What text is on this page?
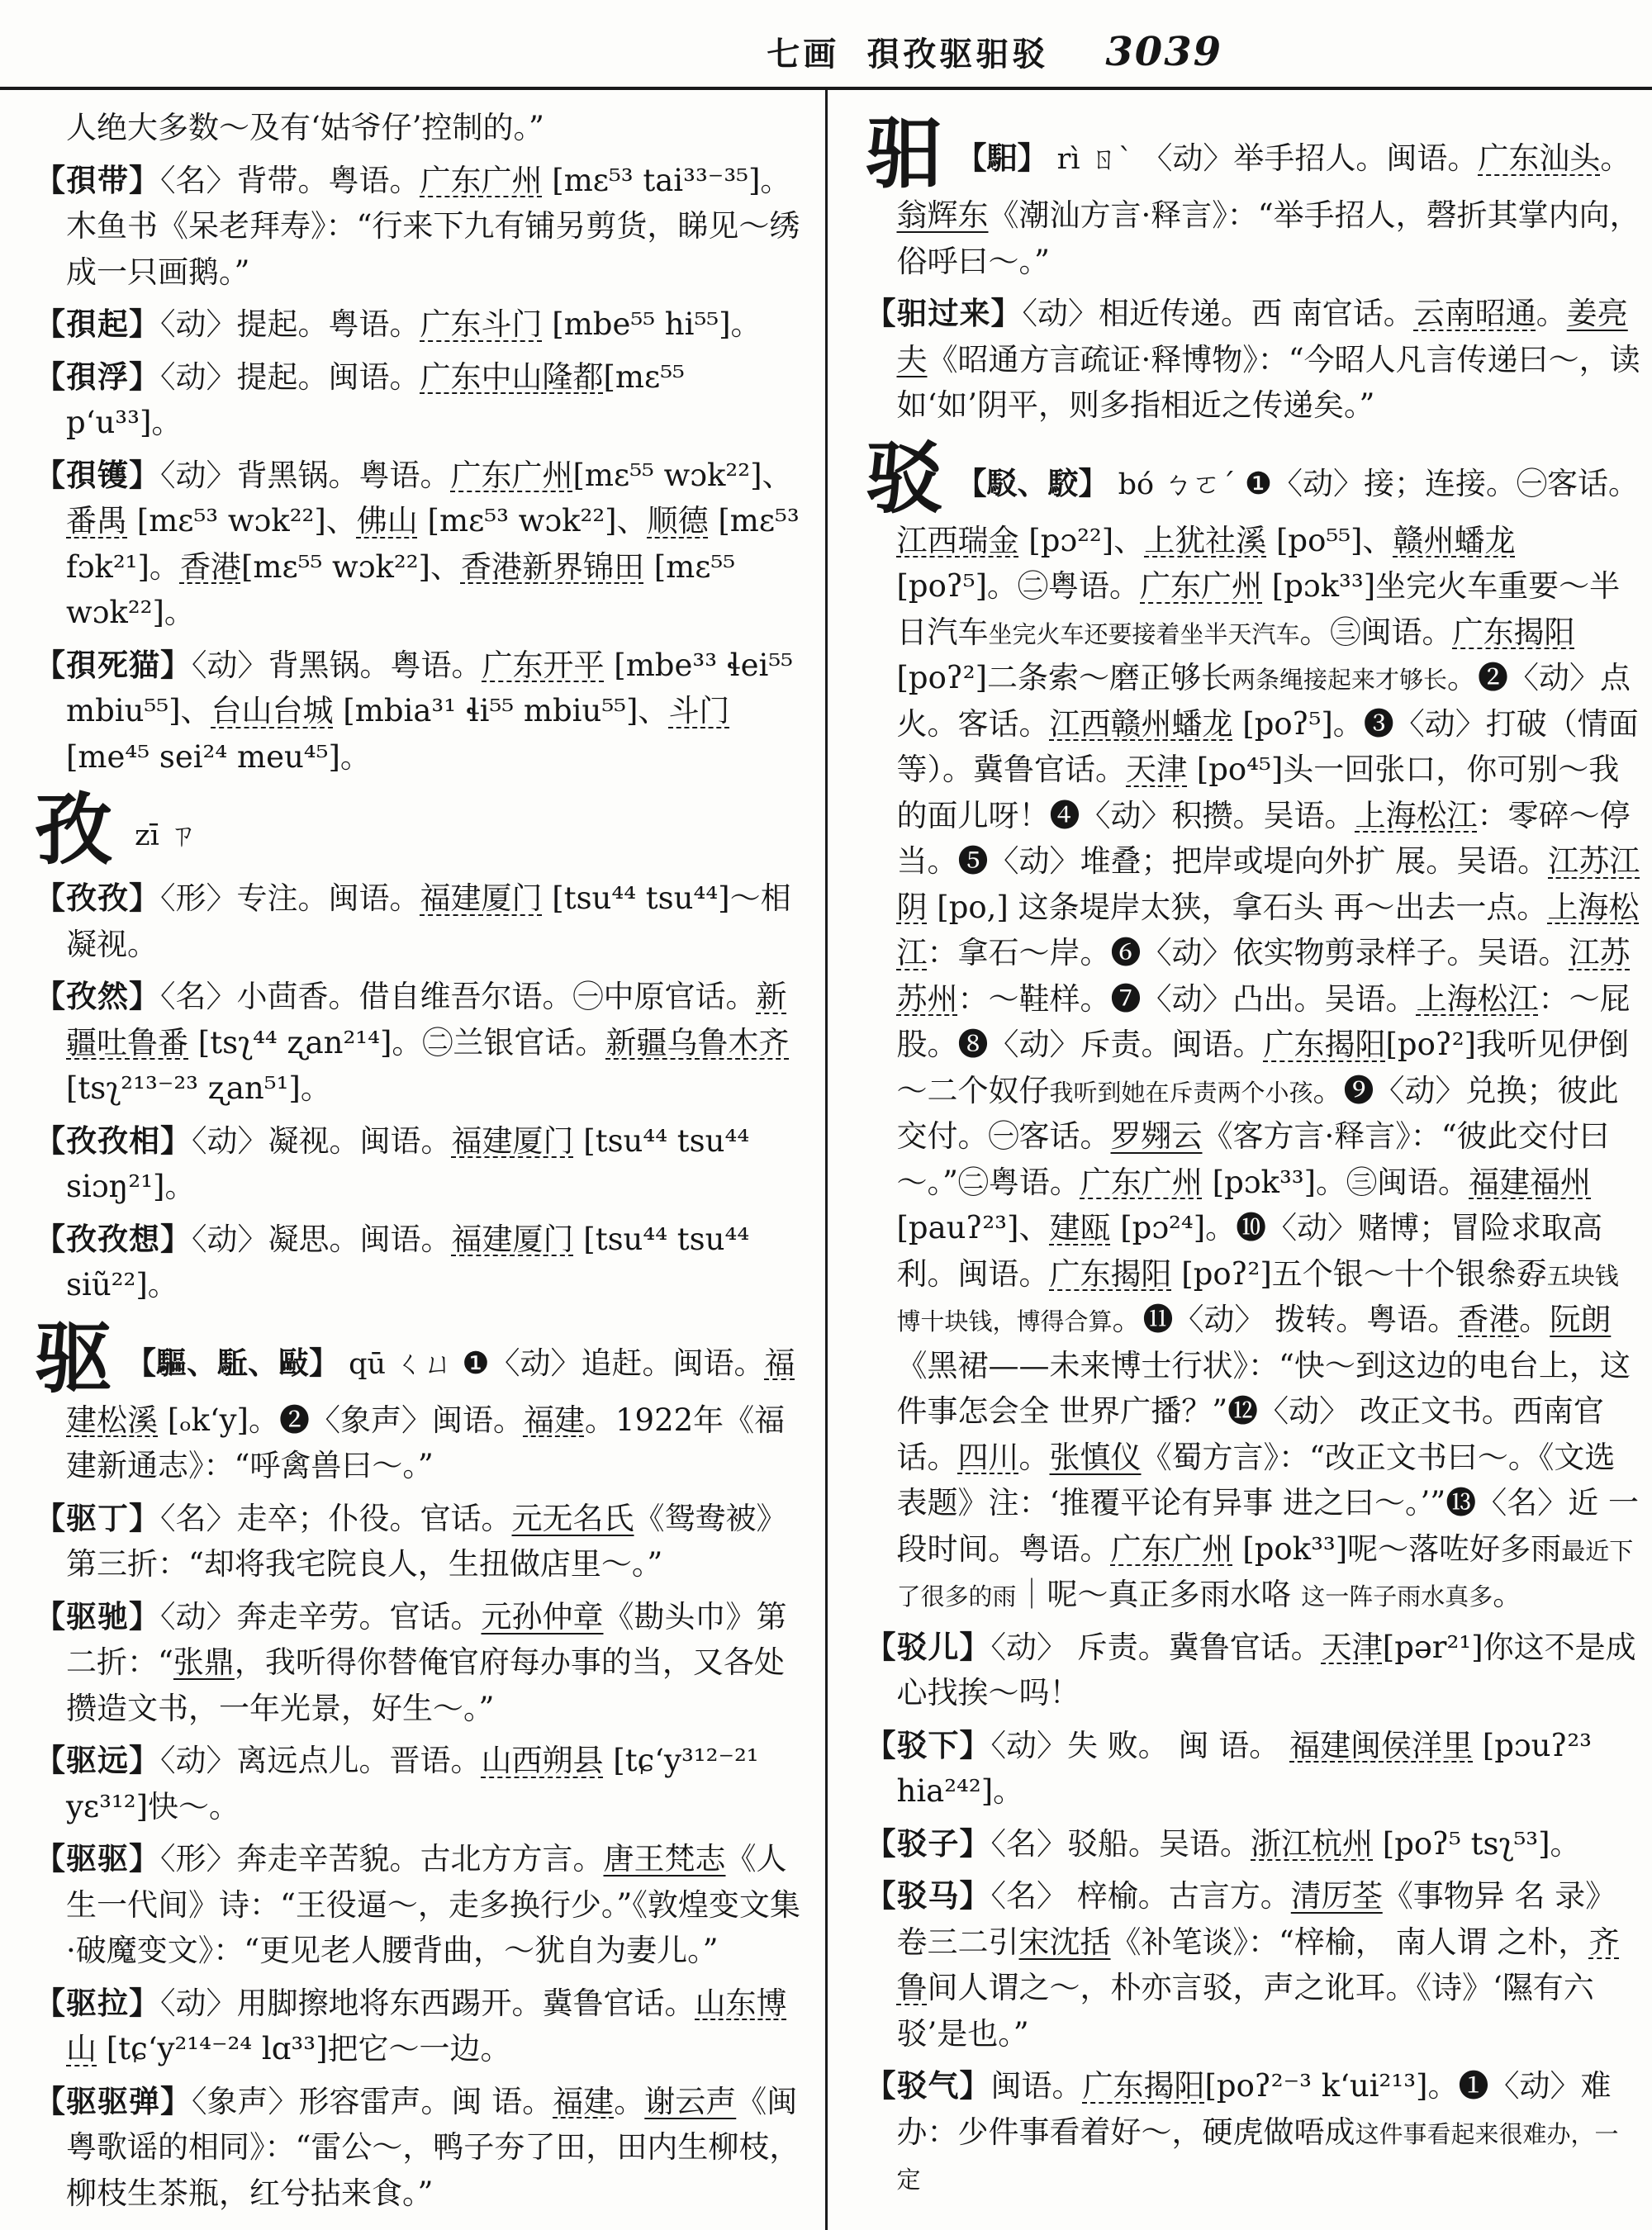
七画 孭孜驱驲驳 3039

人绝大多数～及有‘姑爷仔’控制的。”

【孭带】〈名〉背带。粤语。广东广州 [mɛ⁵³ tai³³⁻³⁵]。木鱼书《呆老拜寿》：“行来下九有铺另剪货，睇见～绣成一只画鹅。”

【孭起】〈动〉提起。粤语。广东斗门 [mbe⁵⁵ hi⁵⁵]。

【孭浮】〈动〉提起。闽语。广东中山隆都[mɛ⁵⁵ p‘u³³]。

【孭镬】〈动〉背黑锅。粤语。广东广州[mɛ⁵⁵ wɔk²²]、番禺 [mɛ⁵³ wɔk²²]、佛山 [mɛ⁵³ wɔk²²]、顺德 [mɛ⁵³ fɔk²¹]。香港[mɛ⁵⁵ wɔk²²]、香港新界锦田 [mɛ⁵⁵ wɔk²²]。

【孭死猫】〈动〉背黑锅。粤语。广东开平 [mbe³³ ɬei⁵⁵ mbiu⁵⁵]、台山台城 [mbia³¹ ɬi⁵⁵ mbiu⁵⁵]、斗门[me⁴⁵ sei²⁴ meu⁴⁵]。

孜 zī ㄗ

【孜孜】〈形〉专注。闽语。福建厦门 [tsu⁴⁴ tsu⁴⁴]～相凝视。

【孜然】〈名〉小茴香。借自维吾尔语。㊀中原官话。新疆吐鲁番 [tsʅ⁴⁴ ʐan²¹⁴]。㊁兰银官话。新疆乌鲁木齐 [tsʅ²¹³⁻²³ ʐan⁵¹]。

【孜孜相】〈动〉凝视。闽语。福建厦门 [tsu⁴⁴ tsu⁴⁴ siɔŋ²¹]。

【孜孜想】〈动〉凝思。闽语。福建厦门 [tsu⁴⁴ tsu⁴⁴ siũ²²]。

驱 【驅、駈、敺】 qū ㄑㄩ ❶〈动〉追赶。闽语。福建松溪 [ₒk‘y]。❷〈象声〉闽语。福建。1922年《福建新通志》：“呼禽兽曰～。”

【驱丁】〈名〉走卒；仆役。官话。元无名氏《鸳鸯被》第三折：“却将我宅院良人，生扭做店里～。”

【驱驰】〈动〉奔走辛劳。官话。元孙仲章《勘头巾》第二折：“张鼎，我听得你替俺官府每办事的当，又各处攒造文书，一年光景，好生～。”

【驱远】〈动〉离远点儿。晋语。山西朔县 [tɕ‘y³¹²⁻²¹ yɛ³¹²]快～。

【驱驱】〈形〉奔走辛苦貌。古北方方言。唐王梵志《人生一代间》诗：“王役逼～，走多换行少。”《敦煌变文集·破魔变文》：“更见老人腰背曲，～犹自为妻儿。”

【驱拉】〈动〉用脚擦地将东西踢开。冀鲁官话。山东博山 [tɕ‘y²¹⁴⁻²⁴ lɑ³³]把它～一边。

【驱驱弹】〈象声〉形容雷声。闽 语。福建。谢云声《闽粤歌谣的相同》：“雷公～，鸭子夯了田，田内生柳枝，柳枝生茶瓶，红兮拈来食。”

驲 【馹】 rì ㄖˋ 〈动〉举手招人。闽语。广东汕头。翁辉东《潮汕方言·释言》：“举手招人，磬折其掌内向，俗呼曰～。”

【驲过来】〈动〉相近传递。西 南官话。云南昭通。姜亮夫《昭通方言疏证·释博物》：“今昭人凡言传递曰～，读如‘如’阴平，则多指相近之传递矣。”

驳 【駁、駮】 bó ㄅㄛˊ ❶〈动〉接；连接。㊀客话。江西瑞金 [pɔ²²]、上犹社溪 [po⁵⁵]、赣州蟠龙 [poʔ⁵]。㊁粤语。广东广州 [pɔk³³]坐完火车重要～半日汽车坐完火车还要接着坐半天汽车。㊂闽语。广东揭阳 [poʔ²]二条索～磨正够长两条绳接起来才够长。❷〈动〉点火。客话。江西赣州蟠龙 [poʔ⁵]。❸〈动〉打破（情面等）。冀鲁官话。天津 [po⁴⁵]头一回张口，你可别～我的面儿呀！❹〈动〉积攒。吴语。上海松江：零碎～停当。❺〈动〉堆叠；把岸或堤向外扩 展。吴语。江苏江阴 [po,] 这条堤岸太狭，拿石头 再～出去一点。上海松江：拿石～岸。❻〈动〉依实物剪录样子。吴语。江苏苏州：～鞋样。❼〈动〉凸出。吴语。上海松江：～屁股。❽〈动〉斥责。闽语。广东揭阳[poʔ²]我听见伊倒～二个奴仔我听到她在斥责两个小孩。❾〈动〉兑换；彼此交付。㊀客话。罗翙云《客方言·释言》：“彼此交付曰～。”㊁粤语。广东广州 [pɔk³³]。㊂闽语。福建福州 [pauʔ²³]、建瓯 [pɔ²⁴]。❿〈动〉赌博；冒险求取高利。闽语。广东揭阳 [poʔ²]五个银～十个银叅孬五块钱博十块钱，博得合算。⓫〈动〉 拨转。粤语。香港。阮朗《黑裙——未来博士行状》：“快～到这边的电台上，这件事怎会全 世界广播？”⓬〈动〉 改正文书。西南官话。四川。张慎仪《蜀方言》：“改正文书曰～。《文选表题》注：‘推覆平论有异事 进之曰～。’”⓭〈名〉近 一段时间。粤语。广东广州 [pok³³]呢～落咗好多雨最近下了很多的雨｜呢～真正多雨水咯 这一阵子雨水真多。

【驳儿】〈动〉 斥责。冀鲁官话。天津[pər²¹]你这不是成心找挨～吗！

【驳下】〈动〉失 败。 闽 语。 福建闽侯洋里 [pɔuʔ²³ hia²⁴²]。

【驳子】〈名〉驳船。吴语。浙江杭州 [poʔ⁵ tsʅ⁵³]。

【驳马】〈名〉 梓榆。古言方。清厉荃《事物异 名 录》卷三二引宋沈括《补笔谈》：“梓榆， 南人谓 之朴，齐鲁间人谓之～，朴亦言驳，声之讹耳。《诗》‘隰有六驳’是也。”

【驳气】闽语。广东揭阳[poʔ²⁻³ k‘ui²¹³]。❶〈动〉难办：少件事看着好～，硬虎做唔成这件事看起来很难办，一定
